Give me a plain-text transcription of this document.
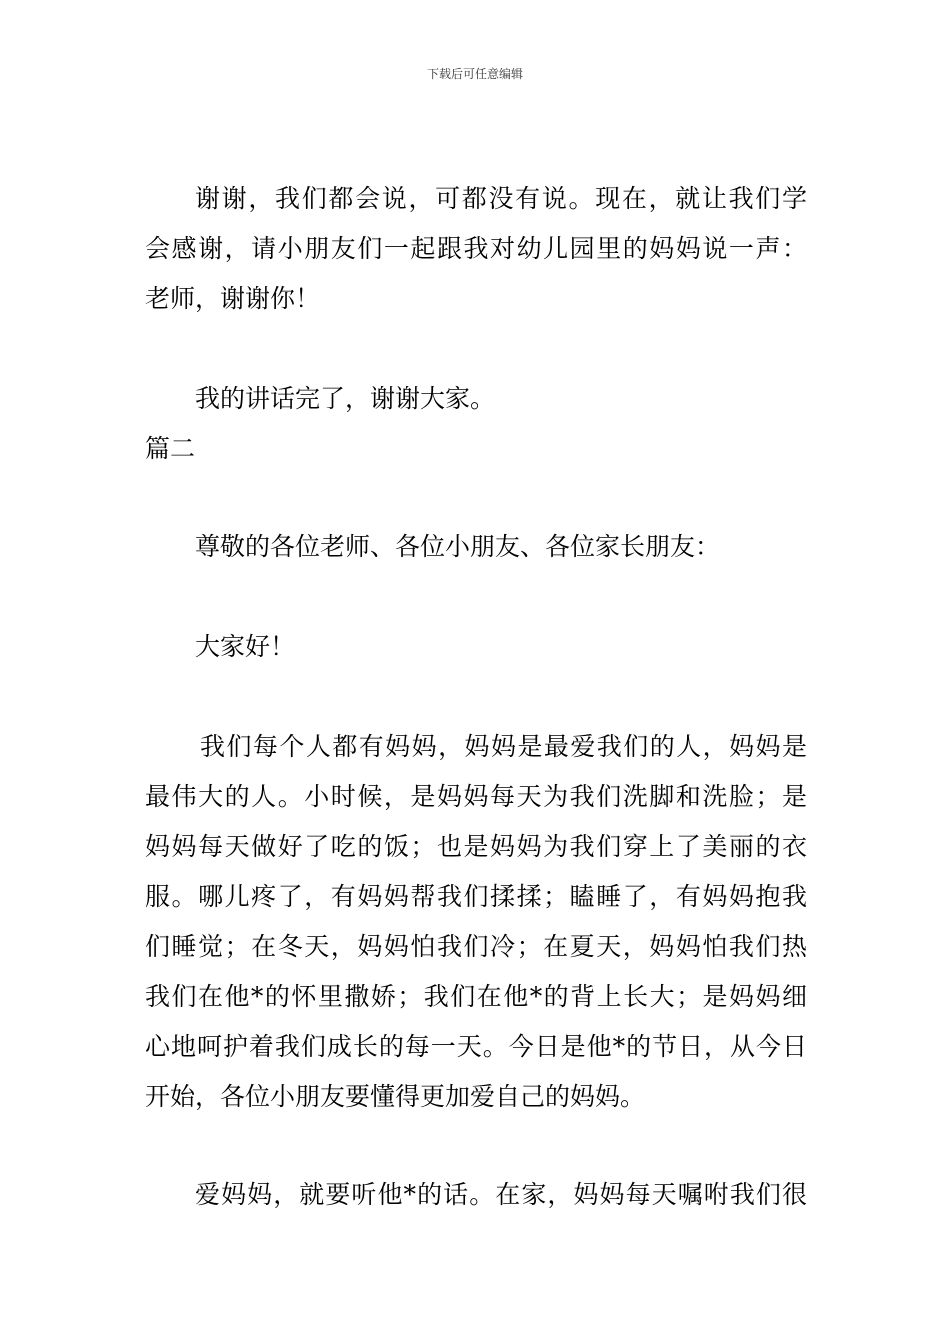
下载后可任意编辑
谢谢，我们都会说，可都没有说。现在，就让我们学
会感谢，请小朋友们一起跟我对幼儿园里的妈妈说一声：
老师，谢谢你！
我的讲话完了，谢谢大家。
篇二
尊敬的各位老师、各位小朋友、各位家长朋友：
大家好！
我们每个人都有妈妈，妈妈是最爱我们的人，妈妈是
最伟大的人。小时候，是妈妈每天为我们洗脚和洗脸；是
妈妈每天做好了吃的饭；也是妈妈为我们穿上了美丽的衣
服。哪儿疼了，有妈妈帮我们揉揉；瞌睡了，有妈妈抱我
们睡觉；在冬天，妈妈怕我们冷；在夏天，妈妈怕我们热
我们在他*的怀里撒娇；我们在他*的背上长大；是妈妈细
心地呵护着我们成长的每一天。今日是他*的节日，从今日
开始，各位小朋友要懂得更加爱自己的妈妈。
爱妈妈，就要听他*的话。在家，妈妈每天嘱咐我们很
